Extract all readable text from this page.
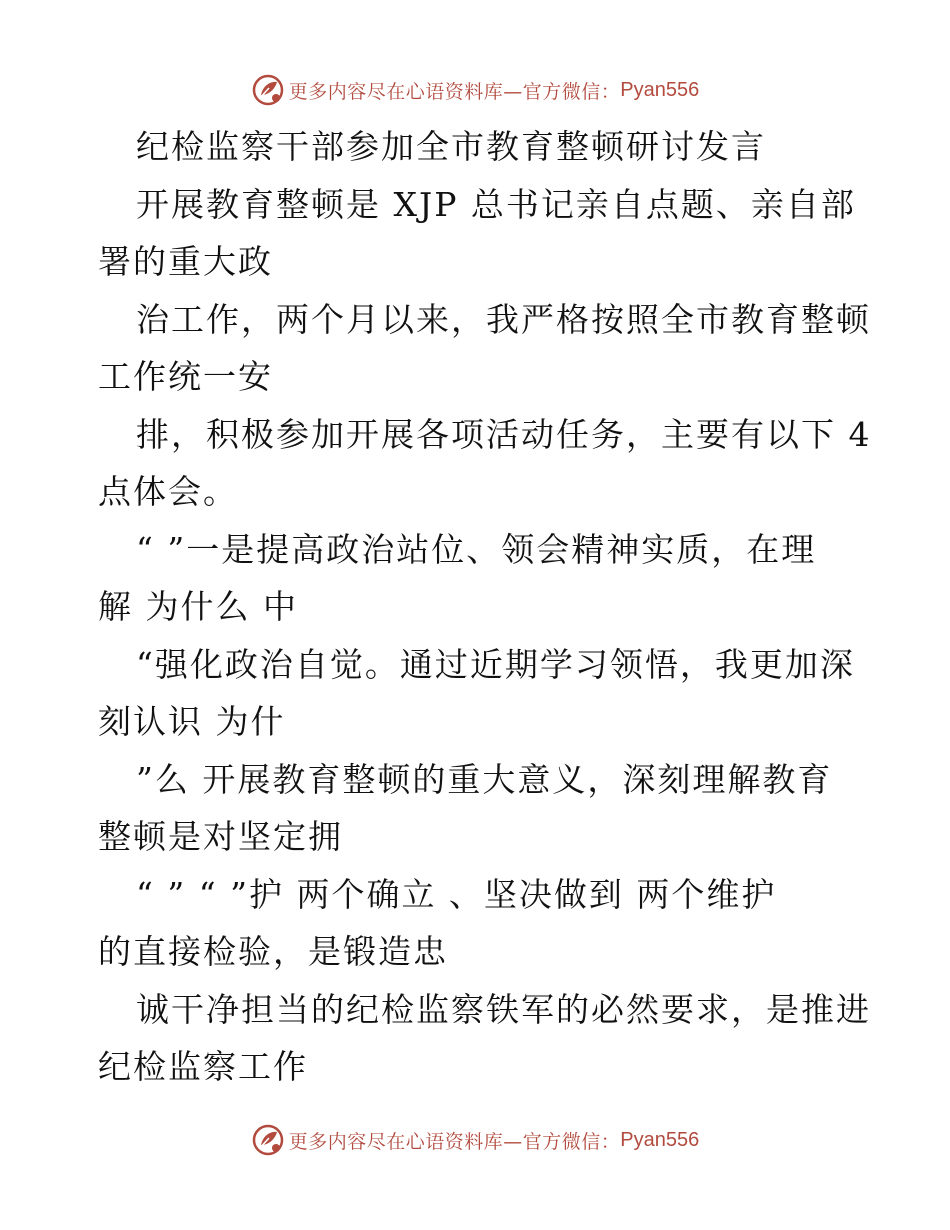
更多内容尽在心语资料库—官方微信： Pyan556
纪检监察干部参加全市教育整顿研讨发言
开展教育整顿是 XJP 总书记亲自点题、亲自部
署的重大政
治工作，两个月以来，我严格按照全市教育整顿
工作统一安
排，积极参加开展各项活动任务，主要有以下 4
点体会。
“ ”一是提高政治站位、领会精神实质，在理
解 为什么 中
“强化政治自觉。通过近期学习领悟，我更加深
刻认识 为什
”么 开展教育整顿的重大意义，深刻理解教育
整顿是对坚定拥
“ ” “ ”护 两个确立 、坚决做到 两个维护
的直接检验，是锻造忠
诚干净担当的纪检监察铁军的必然要求，是推进
纪检监察工作
更多内容尽在心语资料库—官方微信： Pyan556
